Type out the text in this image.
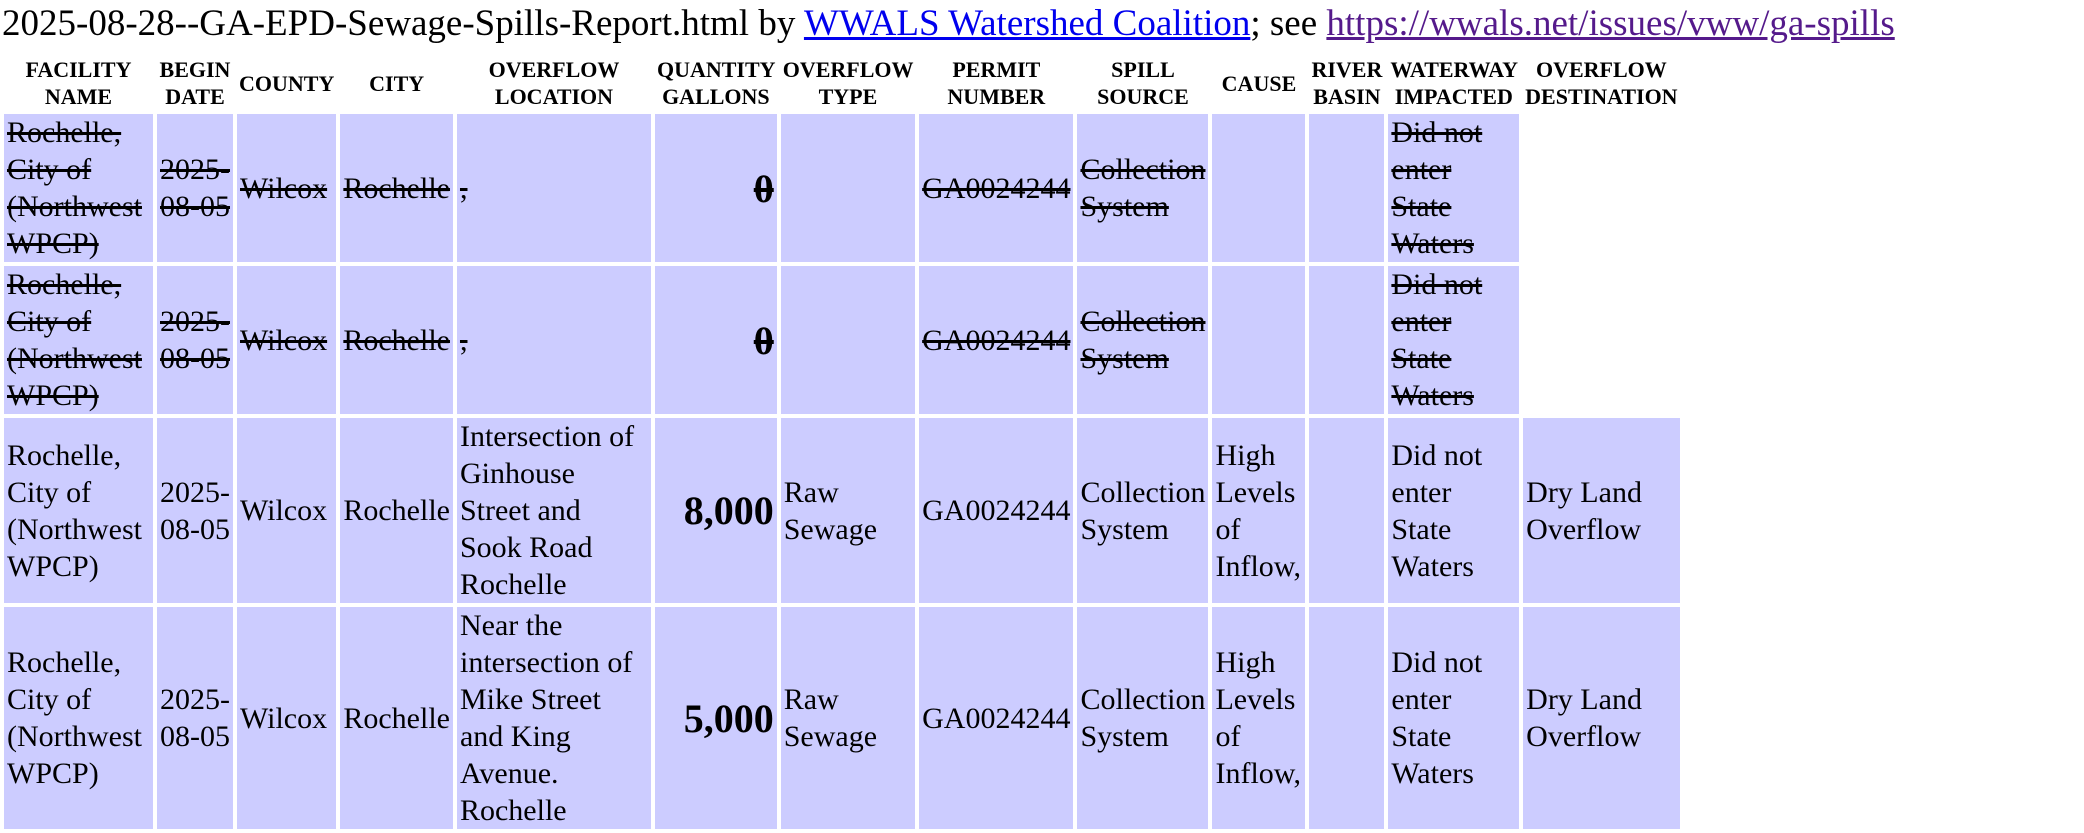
2025-08-28--GA-EPD-Sewage-Spills-Report.html by WWALS Watershed Coalition; see https://wwals.net/issues/vww/ga-spills
FACILITY NAME	BEGIN DATE	COUNTY	CITY	OVERFLOW LOCATION	QUANTITY GALLONS	OVERFLOW TYPE	PERMIT NUMBER	SPILL SOURCE	CAUSE	RIVER BASIN	WATERWAY IMPACTED	OVERFLOW DESTINATION
Rochelle, City of (Northwest WPCP)	2025-08-05	Wilcox	Rochelle	,	0		GA0024244	Collection System			Did not enter State Waters	
Rochelle, City of (Northwest WPCP)	2025-08-05	Wilcox	Rochelle	,	0		GA0024244	Collection System			Did not enter State Waters	
Rochelle, City of (Northwest WPCP)	2025-08-05	Wilcox	Rochelle	Intersection of Ginhouse Street and Sook Road Rochelle	8,000	Raw Sewage	GA0024244	Collection System	High Levels of Inflow,		Did not enter State Waters	Dry Land Overflow
Rochelle, City of (Northwest WPCP)	2025-08-05	Wilcox	Rochelle	Near the intersection of Mike Street and King Avenue. Rochelle	5,000	Raw Sewage	GA0024244	Collection System	High Levels of Inflow,		Did not enter State Waters	Dry Land Overflow
